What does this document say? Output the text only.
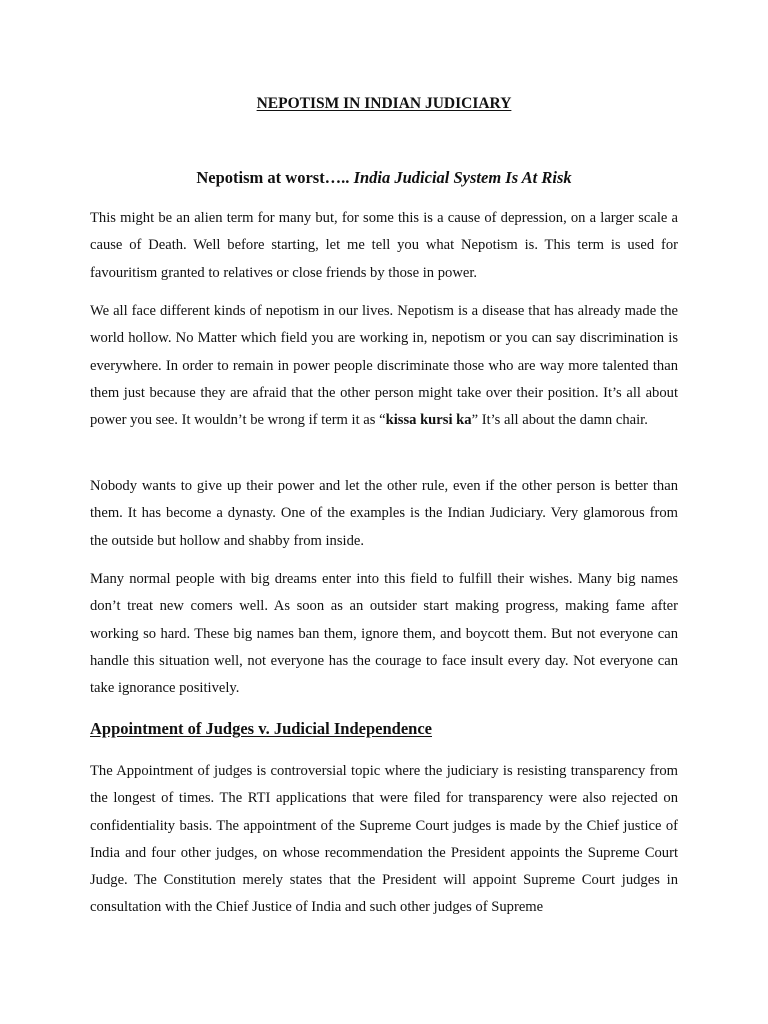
NEPOTISM IN INDIAN JUDICIARY
Nepotism at worst….. India Judicial System Is At Risk

This might be an alien term for many but, for some this is a cause of depression, on a larger scale a cause of Death. Well before starting, let me tell you what Nepotism is. This term is used for favouritism granted to relatives or close friends by those in power.

We all face different kinds of nepotism in our lives. Nepotism is a disease that has already made the world hollow. No Matter which field you are working in, nepotism or you can say discrimination is everywhere. In order to remain in power people discriminate those who are way more talented than them just because they are afraid that the other person might take over their position. It’s all about power you see. It wouldn’t be wrong if term it as “kissa kursi ka” It’s all about the damn chair.

Nobody wants to give up their power and let the other rule, even if the other person is better than them. It has become a dynasty. One of the examples is the Indian Judiciary. Very glamorous from the outside but hollow and shabby from inside.

Many normal people with big dreams enter into this field to fulfill their wishes. Many big names don’t treat new comers well. As soon as an outsider start making progress, making fame after working so hard. These big names ban them, ignore them, and boycott them. But not everyone can handle this situation well, not everyone has the courage to face insult every day. Not everyone can take ignorance positively.

Appointment of Judges v. Judicial Independence

The Appointment of judges is controversial topic where the judiciary is resisting transparency from the longest of times. The RTI applications that were filed for transparency were also rejected on confidentiality basis. The appointment of the Supreme Court judges is made by the Chief justice of India and four other judges, on whose recommendation the President appoints the Supreme Court Judge. The Constitution merely states that the President will appoint Supreme Court judges in consultation with the Chief Justice of India and such other judges of Supreme
